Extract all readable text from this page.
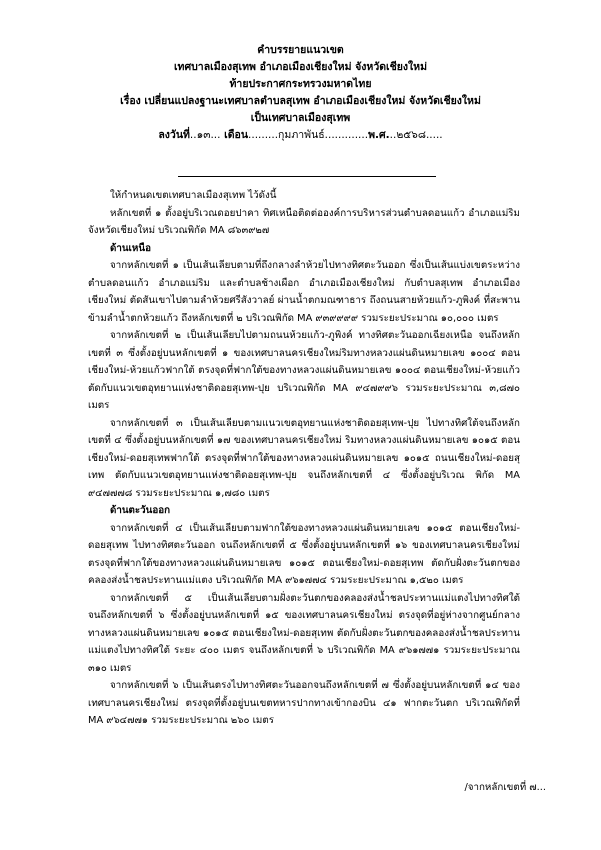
คำบรรยายแนวเขต
เทศบาลเมืองสุเทพ อำเภอเมืองเชียงใหม่ จังหวัดเชียงใหม่
ท้ายประกาศกระทรวงมหาดไทย
เรื่อง เปลี่ยนแปลงฐานะเทศบาลตำบลสุเทพ อำเภอเมืองเชียงใหม่ จังหวัดเชียงใหม่
เป็นเทศบาลเมืองสุเทพ
ลงวันที่..๑๓... เดือน.........กุมภาพันธ์.............พ.ศ...๒๕๖๘.....

ให้กำหนดเขตเทศบาลเมืองสุเทพ ไว้ดังนี้

หลักเขตที่ ๑ ตั้งอยู่บริเวณดอยปาคา ทิศเหนือติดต่อองค์การบริหารส่วนตำบลดอนแก้ว อำเภอแม่ริม จังหวัดเชียงใหม่ บริเวณพิกัด MA ๘๖๓๙๒๗

ด้านเหนือ

จากหลักเขตที่ ๑ เป็นเส้นเลียบตามที่ถึงกลางลำห้วยไปทางทิศตะวันออก ซึ่งเป็นเส้นแบ่งเขตระหว่างตำบลดอนแก้ว อำเภอแม่ริม และตำบลช้างเผือก อำเภอเมืองเชียงใหม่ กับตำบลสุเทพ อำเภอเมืองเชียงใหม่ ตัดสันเขาไปตามลำห้วยศรีสังวาลย์ ผ่านน้ำตกมณฑาธาร ถึงถนนสายห้วยแก้ว-ภูพิงค์ ที่สะพานข้ามลำน้ำตกห้วยแก้ว ถึงหลักเขตที่ ๒ บริเวณพิกัด MA ๙๓๙๙๙๙ รวมระยะประมาณ ๑๐,๐๐๐ เมตร

จากหลักเขตที่ ๒ เป็นเส้นเลียบไปตามถนนห้วยแก้ว-ภูพิงค์ ทางทิศตะวันออกเฉียงเหนือ จนถึงหลักเขตที่ ๓ ซึ่งตั้งอยู่บนหลักเขตที่ ๑ ของเทศบาลนครเชียงใหม่ริมทางหลวงแผ่นดินหมายเลข ๑๐๐๔ ตอนเชียงใหม่-ห้วยแก้วฟากใต้ ตรงจุดที่ฟากใต้ของทางหลวงแผ่นดินหมายเลข ๑๐๐๔ ตอนเชียงใหม่-ห้วยแก้ว ตัดกับแนวเขตอุทยานแห่งชาติดอยสุเทพ-ปุย บริเวณพิกัด MA ๙๔๗๙๙๖ รวมระยะประมาณ ๓,๘๗๐ เมตร

จากหลักเขตที่ ๓ เป็นเส้นเลียบตามแนวเขตอุทยานแห่งชาติดอยสุเทพ-ปุย ไปทางทิศใต้จนถึงหลักเขตที่ ๔ ซึ่งตั้งอยู่บนหลักเขตที่ ๑๗ ของเทศบาลนครเชียงใหม่ ริมทางหลวงแผ่นดินหมายเลข ๑๐๑๕ ตอนเชียงใหม่-ดอยสุเทพฟากใต้ ตรงจุดที่ฟากใต้ของทางหลวงแผ่นดินหมายเลข ๑๐๑๕ ถนนเชียงใหม่-ดอยสุเทพ ตัดกับแนวเขตอุทยานแห่งชาติดอยสุเทพ-ปุย จนถึงหลักเขตที่ ๔ ซึ่งตั้งอยู่บริเวณ พิกัด MA ๙๔๗๗๗๘ รวมระยะประมาณ ๑,๗๘๐ เมตร

ด้านตะวันออก

จากหลักเขตที่ ๔ เป็นเส้นเลียบตามฟากใต้ของทางหลวงแผ่นดินหมายเลข ๑๐๑๕ ตอนเชียงใหม่-ดอยสุเทพ ไปทางทิศตะวันออก จนถึงหลักเขตที่ ๕ ซึ่งตั้งอยู่บนหลักเขตที่ ๑๖ ของเทศบาลนครเชียงใหม่ ตรงจุดที่ฟากใต้ของทางหลวงแผ่นดินหมายเลข ๑๐๑๕ ตอนเชียงใหม่-ดอยสุเทพ ตัดกับฝั่งตะวันตกของคลองส่งน้ำชลประทานแม่แตง บริเวณพิกัด MA ๙๖๑๗๗๔ รวมระยะประมาณ ๑,๕๒๐ เมตร

จากหลักเขตที่ ๕ เป็นเส้นเลียบตามฝั่งตะวันตกของคลองส่งน้ำชลประทานแม่แตงไปทางทิศใต้ จนถึงหลักเขตที่ ๖ ซึ่งตั้งอยู่บนหลักเขตที่ ๑๕ ของเทศบาลนครเชียงใหม่ ตรงจุดที่อยู่ห่างจากศูนย์กลางทางหลวงแผ่นดินหมายเลข ๑๐๑๕ ตอนเชียงใหม่-ดอยสุเทพ ตัดกับฝั่งตะวันตกของคลองส่งน้ำชลประทานแม่แตงไปทางทิศใต้ ระยะ ๔๐๐ เมตร จนถึงหลักเขตที่ ๖ บริเวณพิกัด MA ๙๖๑๗๗๑ รวมระยะประมาณ ๓๑๐ เมตร

จากหลักเขตที่ ๖ เป็นเส้นตรงไปทางทิศตะวันออกจนถึงหลักเขตที่ ๗ ซึ่งตั้งอยู่บนหลักเขตที่ ๑๔ ของเทศบาลนครเชียงใหม่ ตรงจุดที่ตั้งอยู่บนเขตทหารปากทางเข้ากองบิน ๔๑ ฟากตะวันตก บริเวณพิกัดที่ MA ๙๖๔๗๗๑ รวมระยะประมาณ ๒๖๐ เมตร

/จากหลักเขตที่ ๗...
